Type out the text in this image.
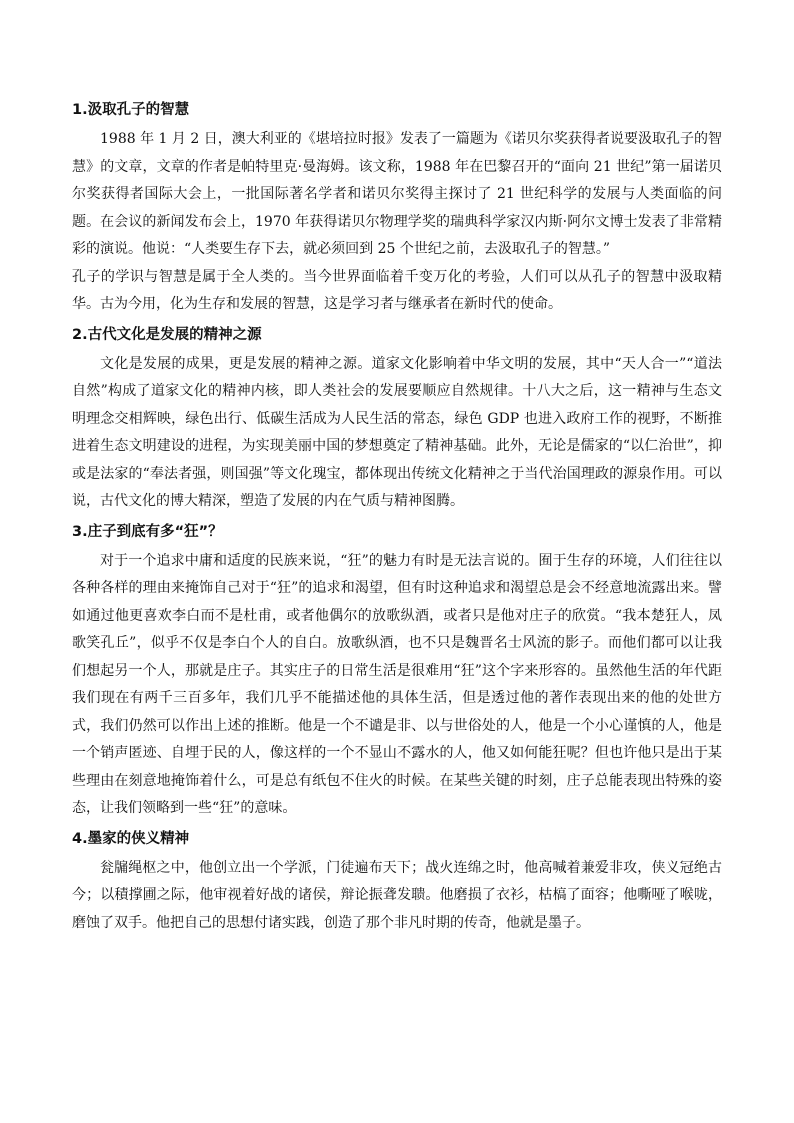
1.汲取孔子的智慧

1988 年 1 月 2 日，澳大利亚的《堪培拉时报》发表了一篇题为《诺贝尔奖获得者说要汲取孔子的智慧》的文章，文章的作者是帕特里克·曼海姆。该文称，1988 年在巴黎召开的“面向 21 世纪”第一届诺贝尔奖获得者国际大会上，一批国际著名学者和诺贝尔奖得主探讨了 21 世纪科学的发展与人类面临的问题。在会议的新闻发布会上，1970 年获得诺贝尔物理学奖的瑞典科学家汉内斯·阿尔文博士发表了非常精彩的演说。他说：“人类要生存下去，就必须回到 25 个世纪之前，去汲取孔子的智慧。”

孔子的学识与智慧是属于全人类的。当今世界面临着千变万化的考验，人们可以从孔子的智慧中汲取精华。古为今用，化为生存和发展的智慧，这是学习者与继承者在新时代的使命。

2.古代文化是发展的精神之源

文化是发展的成果，更是发展的精神之源。道家文化影响着中华文明的发展，其中“天人合一”“道法自然”构成了道家文化的精神内核，即人类社会的发展要顺应自然规律。十八大之后，这一精神与生态文明理念交相辉映，绿色出行、低碳生活成为人民生活的常态，绿色 GDP 也进入政府工作的视野，不断推进着生态文明建设的进程，为实现美丽中国的梦想奠定了精神基础。此外，无论是儒家的“以仁治世”，抑或是法家的“奉法者强，则国强”等文化瑰宝，都体现出传统文化精神之于当代治国理政的源泉作用。可以说，古代文化的博大精深，塑造了发展的内在气质与精神图腾。

3.庄子到底有多“狂”？

对于一个追求中庸和适度的民族来说，“狂”的魅力有时是无法言说的。囿于生存的环境，人们往往以各种各样的理由来掩饰自己对于“狂”的追求和渴望，但有时这种追求和渴望总是会不经意地流露出来。譬如通过他更喜欢李白而不是杜甫，或者他偶尔的放歌纵酒，或者只是他对庄子的欣赏。“我本楚狂人，凤歌笑孔丘”，似乎不仅是李白个人的自白。放歌纵酒，也不只是魏晋名士风流的影子。而他们都可以让我们想起另一个人，那就是庄子。其实庄子的日常生活是很难用“狂”这个字来形容的。虽然他生活的年代距我们现在有两千三百多年，我们几乎不能描述他的具体生活，但是透过他的著作表现出来的他的处世方式，我们仍然可以作出上述的推断。他是一个不谴是非、以与世俗处的人，他是一个小心谨慎的人，他是一个销声匿迹、自埋于民的人，像这样的一个不显山不露水的人，他又如何能狂呢？但也许他只是出于某些理由在刻意地掩饰着什么，可是总有纸包不住火的时候。在某些关键的时刻，庄子总能表现出特殊的姿态，让我们领略到一些“狂”的意味。

4.墨家的侠义精神

瓮牖绳枢之中，他创立出一个学派，门徒遍布天下；战火连绵之时，他高喊着兼爱非攻，侠义冠绝古今；以積撑圃之际，他审视着好战的诸侯，辩论振聋发聩。他磨损了衣衫，枯槁了面容；他嘶哑了喉咙，磨蚀了双手。他把自己的思想付诸实践，创造了那个非凡时期的传奇，他就是墨子。
